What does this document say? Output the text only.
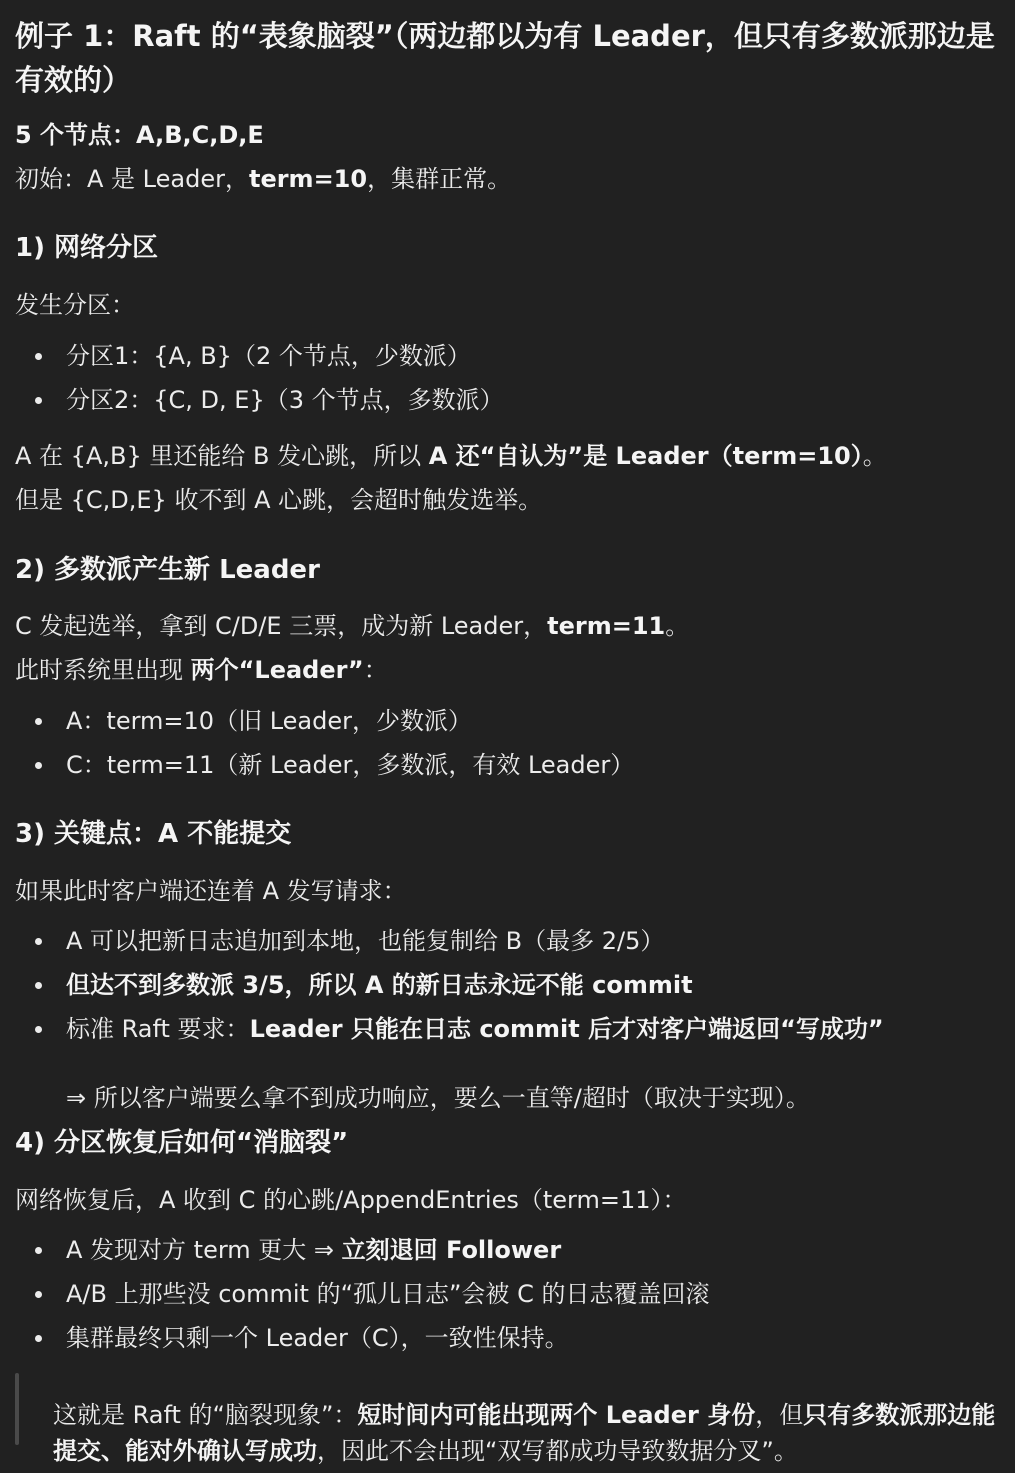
例子 1：Raft 的“表象脑裂”（两边都以为有 Leader，但只有多数派那边是有效的）

5 个节点：A,B,C,D,E

初始：A 是 Leader，term=10，集群正常。

1) 网络分区

发生分区：

分区1：{A, B}（2 个节点，少数派）
分区2：{C, D, E}（3 个节点，多数派）

A 在 {A,B} 里还能给 B 发心跳，所以 A 还“自认为”是 Leader（term=10）。

但是 {C,D,E} 收不到 A 心跳，会超时触发选举。

2) 多数派产生新 Leader

C 发起选举，拿到 C/D/E 三票，成为新 Leader，term=11。

此时系统里出现 两个“Leader”：

A：term=10（旧 Leader，少数派）
C：term=11（新 Leader，多数派，有效 Leader）
3) 关键点：A 不能提交

如果此时客户端还连着 A 发写请求：

A 可以把新日志追加到本地，也能复制给 B（最多 2/5）
但达不到多数派 3/5，所以 A 的新日志永远不能 commit
标准 Raft 要求：Leader 只能在日志 commit 后才对客户端返回“写成功”

⇒ 所以客户端要么拿不到成功响应，要么一直等/超时（取决于实现）。

4) 分区恢复后如何“消脑裂”

网络恢复后，A 收到 C 的心跳/AppendEntries（term=11）：

A 发现对方 term 更大 ⇒ 立刻退回 Follower
A/B 上那些没 commit 的“孤儿日志”会被 C 的日志覆盖回滚
集群最终只剩一个 Leader（C），一致性保持。

这就是 Raft 的“脑裂现象”：短时间内可能出现两个 Leader 身份，但只有多数派那边能

提交、能对外确认写成功，因此不会出现“双写都成功导致数据分叉”。
